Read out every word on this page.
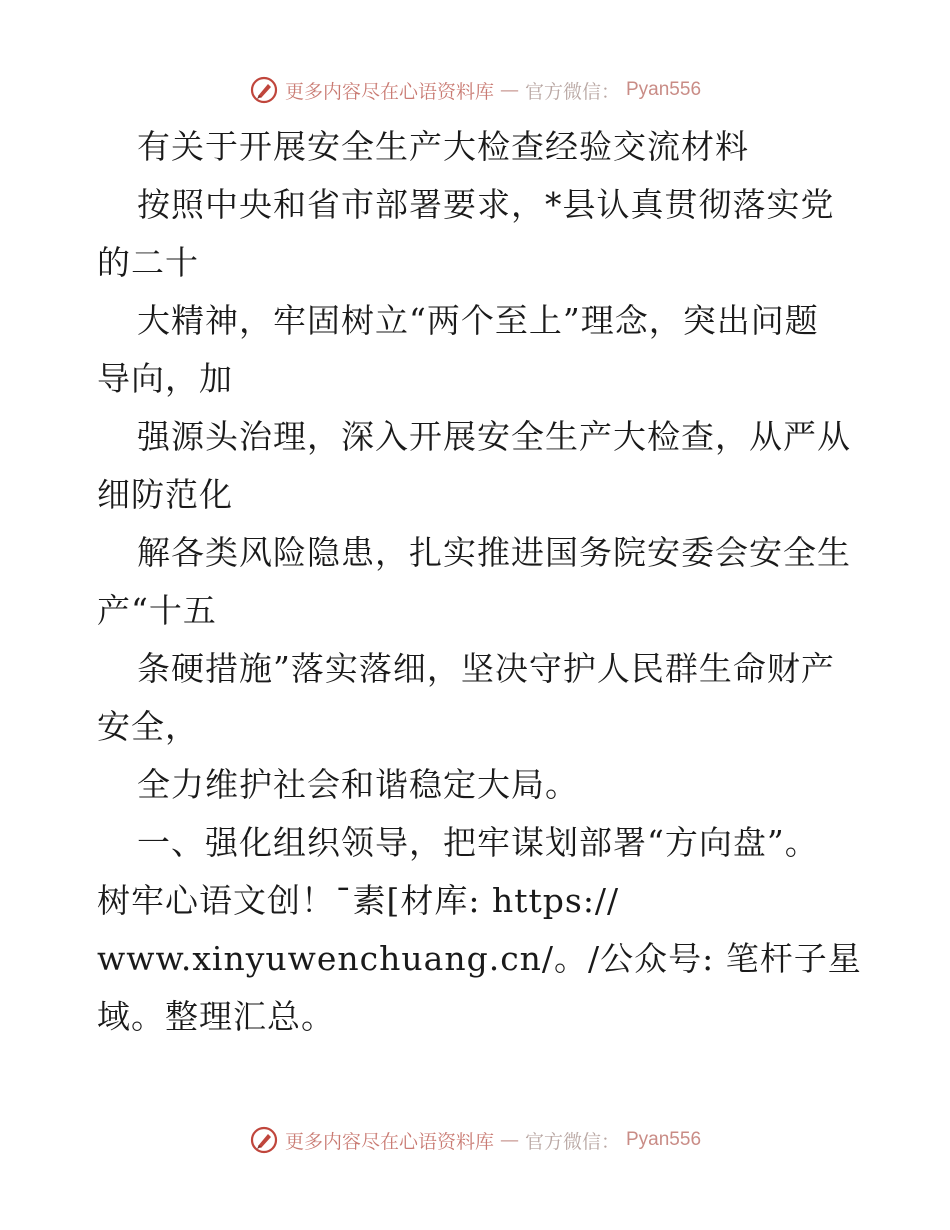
更多内容尽在心语资料库 — 官方微信： Pyan556

有关于开展安全生产大检查经验交流材料

按照中央和省市部署要求，*县认真贯彻落实党

的二十

大精神，牢固树立“两个至上”理念，突出问题

导向，加

强源头治理，深入开展安全生产大检查，从严从

细防范化

解各类风险隐患，扎实推进国务院安委会安全生

产“十五

条硬措施”落实落细，坚决守护人民群生命财产

安全，

全力维护社会和谐稳定大局。

一、强化组织领导，把牢谋划部署“方向盘”。

树牢心语文创！¯素[材库: https://

www.xinyuwenchuang.cn/。/公众号: 笔杆子星

域。整理汇总。

更多内容尽在心语资料库 — 官方微信： Pyan556
